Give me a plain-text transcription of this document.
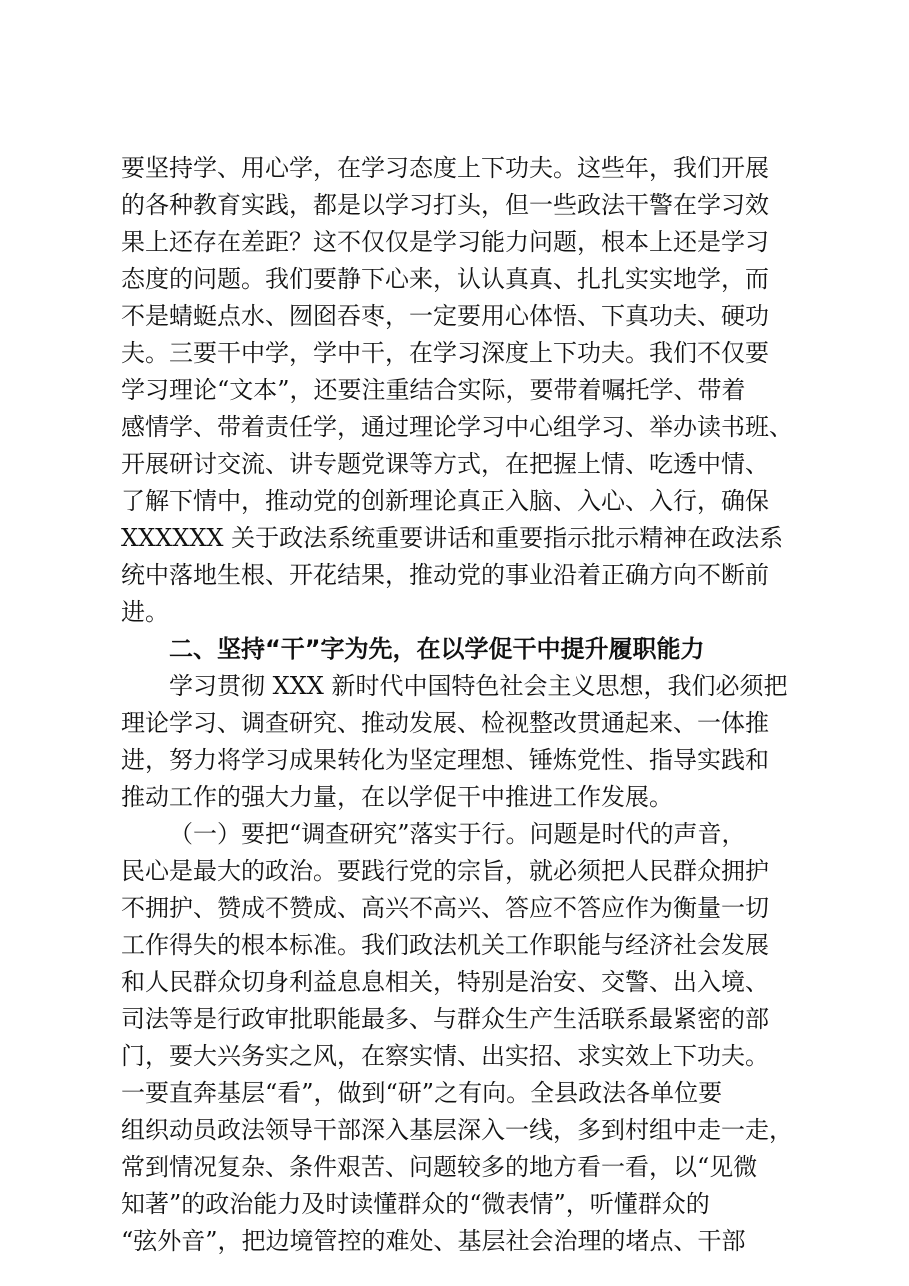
要坚持学、用心学，在学习态度上下功夫。这些年，我们开展
的各种教育实践，都是以学习打头，但一些政法干警在学习效
果上还存在差距？这不仅仅是学习能力问题，根本上还是学习
态度的问题。我们要静下心来，认认真真、扎扎实实地学，而
不是蜻蜓点水、囫囵吞枣，一定要用心体悟、下真功夫、硬功
夫。三要干中学，学中干，在学习深度上下功夫。我们不仅要
学习理论“文本”，还要注重结合实际，要带着嘱托学、带着
感情学、带着责任学，通过理论学习中心组学习、举办读书班、
开展研讨交流、讲专题党课等方式，在把握上情、吃透中情、
了解下情中，推动党的创新理论真正入脑、入心、入行，确保
XXXXXX 关于政法系统重要讲话和重要指示批示精神在政法系
统中落地生根、开花结果，推动党的事业沿着正确方向不断前
进。
二、坚持“干”字为先，在以学促干中提升履职能力
学习贯彻 XXX 新时代中国特色社会主义思想，我们必须把
理论学习、调查研究、推动发展、检视整改贯通起来、一体推
进，努力将学习成果转化为坚定理想、锤炼党性、指导实践和
推动工作的强大力量，在以学促干中推进工作发展。
（一）要把“调查研究”落实于行。问题是时代的声音，
民心是最大的政治。要践行党的宗旨，就必须把人民群众拥护
不拥护、赞成不赞成、高兴不高兴、答应不答应作为衡量一切
工作得失的根本标准。我们政法机关工作职能与经济社会发展
和人民群众切身利益息息相关，特别是治安、交警、出入境、
司法等是行政审批职能最多、与群众生产生活联系最紧密的部
门，要大兴务实之风，在察实情、出实招、求实效上下功夫。
一要直奔基层“看”，做到“研”之有向。全县政法各单位要
组织动员政法领导干部深入基层深入一线，多到村组中走一走，
常到情况复杂、条件艰苦、问题较多的地方看一看，以“见微
知著”的政治能力及时读懂群众的“微表情”，听懂群众的
“弦外音”，把边境管控的难处、基层社会治理的堵点、干部
